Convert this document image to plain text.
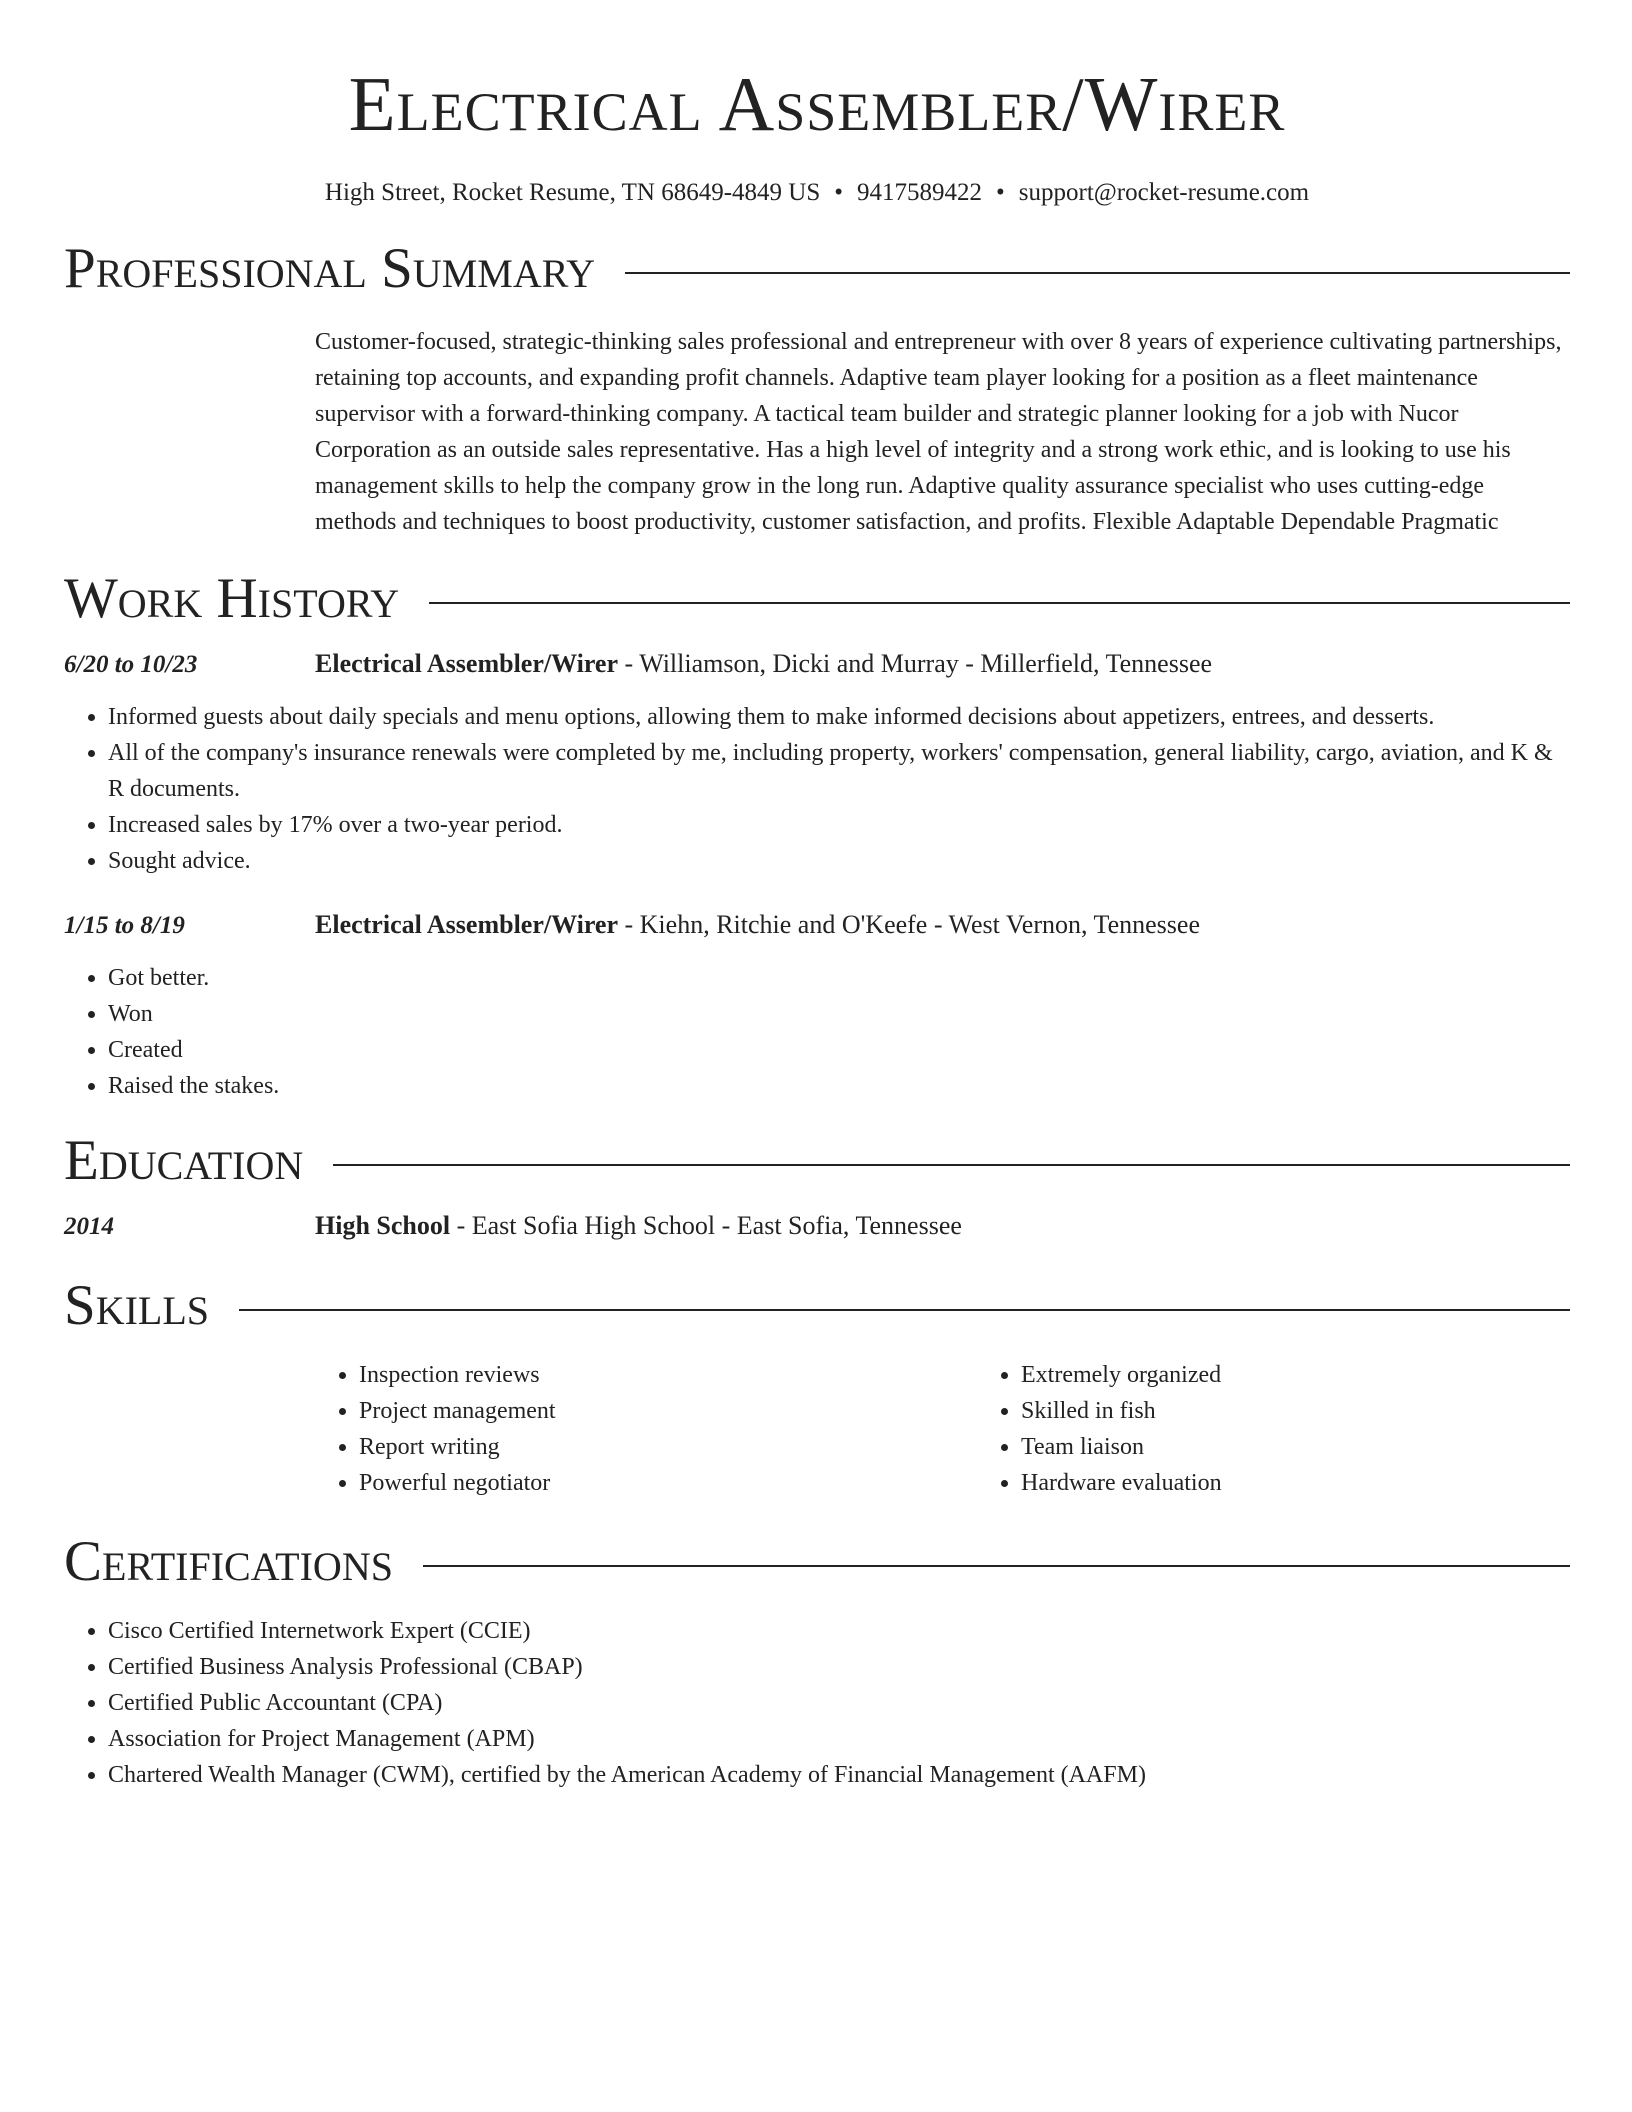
Electrical Assembler/Wirer
High Street, Rocket Resume, TN 68649-4849 US • 9417589422 • support@rocket-resume.com
Professional Summary
Customer-focused, strategic-thinking sales professional and entrepreneur with over 8 years of experience cultivating partnerships, retaining top accounts, and expanding profit channels. Adaptive team player looking for a position as a fleet maintenance supervisor with a forward-thinking company. A tactical team builder and strategic planner looking for a job with Nucor Corporation as an outside sales representative. Has a high level of integrity and a strong work ethic, and is looking to use his management skills to help the company grow in the long run. Adaptive quality assurance specialist who uses cutting-edge methods and techniques to boost productivity, customer satisfaction, and profits. Flexible Adaptable Dependable Pragmatic
Work History
6/20 to 10/23	Electrical Assembler/Wirer - Williamson, Dicki and Murray - Millerfield, Tennessee
• Informed guests about daily specials and menu options, allowing them to make informed decisions about appetizers, entrees, and desserts.
• All of the company's insurance renewals were completed by me, including property, workers' compensation, general liability, cargo, aviation, and K & R documents.
• Increased sales by 17% over a two-year period.
• Sought advice.
1/15 to 8/19	Electrical Assembler/Wirer - Kiehn, Ritchie and O'Keefe - West Vernon, Tennessee
• Got better.
• Won
• Created
• Raised the stakes.
Education
2014	High School - East Sofia High School - East Sofia, Tennessee
Skills
• Inspection reviews
• Project management
• Report writing
• Powerful negotiator
• Extremely organized
• Skilled in fish
• Team liaison
• Hardware evaluation
Certifications
• Cisco Certified Internetwork Expert (CCIE)
• Certified Business Analysis Professional (CBAP)
• Certified Public Accountant (CPA)
• Association for Project Management (APM)
• Chartered Wealth Manager (CWM), certified by the American Academy of Financial Management (AAFM)
